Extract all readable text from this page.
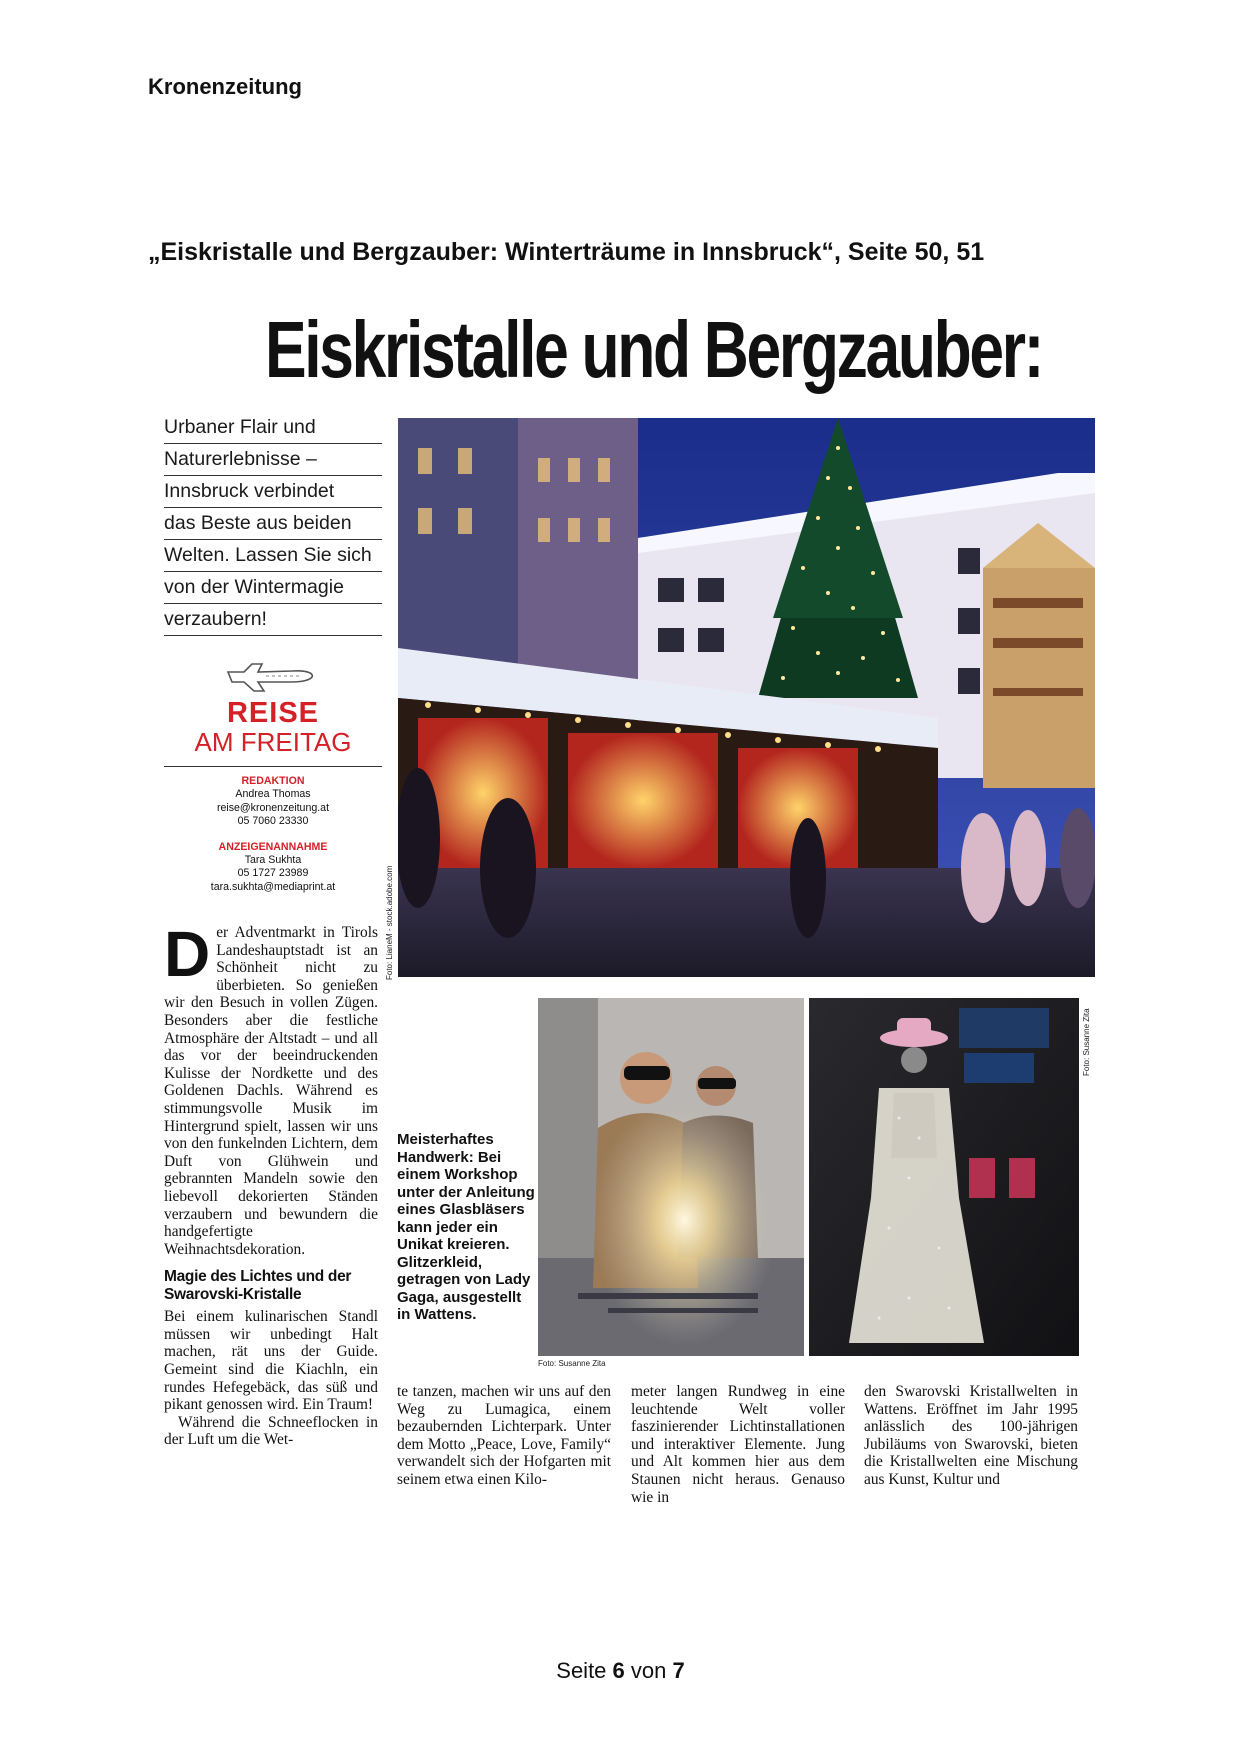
Kronenzeitung
„Eiskristalle und Bergzauber: Winterträume in Innsbruck“, Seite 50, 51
Eiskristalle und Bergzauber:
Urbaner Flair und
Naturerlebnisse –
Innsbruck verbindet
das Beste aus beiden
Welten. Lassen Sie sich
von der Wintermagie
verzaubern!
REISE
AM FREITAG
REDAKTION
Andrea Thomas
reise@kronenzeitung.at
05 7060 23330
ANZEIGENANNAHME
Tara Sukhta
05 1727 23989
tara.sukhta@mediaprint.at
D er Adventmarkt in Tirols Landeshauptstadt ist an Schönheit nicht zu überbieten. So genießen wir den Besuch in vollen Zügen. Besonders aber die festliche Atmosphäre der Altstadt – und all das vor der beeindruckenden Kulisse der Nordkette und des Goldenen Dachls. Während es stimmungsvolle Musik im Hintergrund spielt, lassen wir uns von den funkelnden Lichtern, dem Duft von Glühwein und gebrannten Mandeln sowie den liebevoll dekorierten Ständen verzaubern und bewundern die handgefertigte Weihnachtsdekoration.

Magie des Lichtes und der Swarovski-Kristalle

Bei einem kulinarischen Standl müssen wir unbedingt Halt machen, rät uns der Guide. Gemeint sind die Kiachln, ein rundes Hefegebäck, das süß und pikant genossen wird. Ein Traum!

Während die Schneeflocken in der Luft um die Wet-

Meisterhaftes Handwerk: Bei einem Workshop unter der Anleitung eines Glasbläsers kann jeder ein Unikat kreieren. Glitzerkleid, getragen von Lady Gaga, ausgestellt in Wattens.

te tanzen, machen wir uns auf den Weg zu Lumagica, einem bezaubernden Lichterpark. Unter dem Motto „Peace, Love, Family“ verwandelt sich der Hofgarten mit seinem etwa einen Kilo-

meter langen Rundweg in eine leuchtende Welt voller faszinierender Lichtinstallationen und interaktiver Elemente. Jung und Alt kommen hier aus dem Staunen nicht heraus. Genauso wie in

den Swarovski Kristallwelten in Wattens. Eröffnet im Jahr 1995 anlässlich des 100-jährigen Jubiläums von Swarovski, bieten die Kristallwelten eine Mischung aus Kunst, Kultur und

Foto: LianeM - stock.adobe.com
Foto: Susanne Zita
Foto: Susanne Zita
Seite 6 von 7
